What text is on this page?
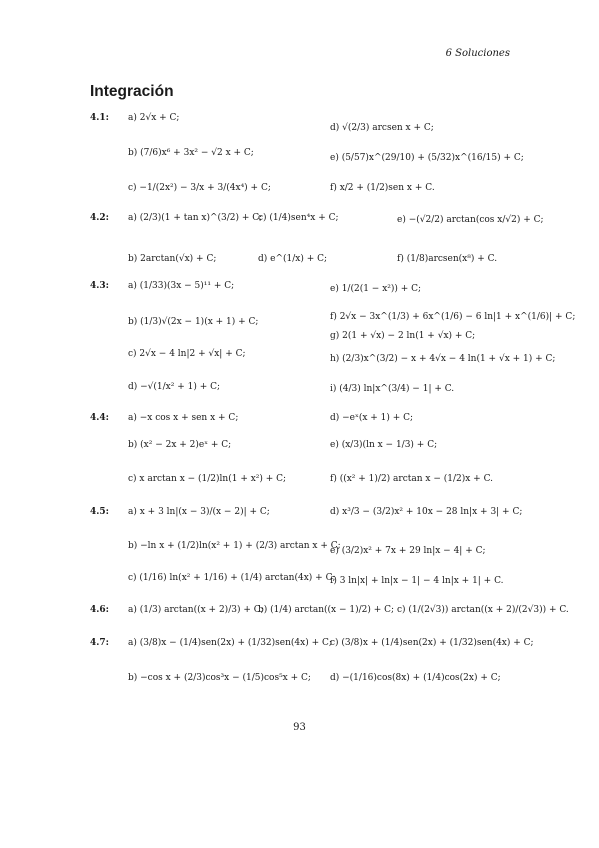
6 Soluciones
Integración
4.1: a) 2√x + C;
d) √(2/3) arcsen x + C;
b) (7/6)x⁶ + 3x² − √2 x + C;	e) (5/57)x^(29/10) + (5/32)x^(16/15) + C;
c) −1/(2x²) − 3/x + 3/(4x⁴) + C;	f) x/2 + (1/2)sen x + C.
4.2: a) (2/3)(1 + tan x)^(3/2) + C;
c) (1/4)sen⁴x + C;	e) −(√2/2) arctan(cos x/√2) + C;
b) 2arctan(√x) + C;	d) e^(1/x) + C;	f) (1/8)arcsen(x⁸) + C.
4.3: a) (1/33)(3x − 5)¹¹ + C;	e) 1/(2(1 − x²)) + C;
f) 2√x − 3x^(1/3) + 6x^(1/6) − 6 ln|1 + x^(1/6)| + C;
b) (1/3)√(2x − 1)(x + 1) + C;
g) 2(1 + √x) − 2 ln(1 + √x) + C;
c) 2√x − 4 ln|2 + √x| + C;	h) (2/3)x^(3/2) − x + 4√x − 4 ln(1 + √x + 1) + C;
d) −√(1/x² + 1) + C;	i) (4/3) ln|x^(3/4) − 1| + C.
4.4: a) −x cos x + sen x + C;	d) −eˣ(x + 1) + C;
b) (x² − 2x + 2)eˣ + C;	e) (x/3)(ln x − 1/3) + C;
c) x arctan x − (1/2)ln(1 + x²) + C;	f) ((x² + 1)/2) arctan x − (1/2)x + C.
4.5: a) x + 3 ln|(x − 3)/(x − 2)| + C;	d) x³/3 − (3/2)x² + 10x − 28 ln|x + 3| + C;
b) −ln x + (1/2)ln(x² + 1) + (2/3) arctan x + C;
e) (3/2)x² + 7x + 29 ln|x − 4| + C;
c) (1/16) ln(x² + 1/16) + (1/4) arctan(4x) + C;
f) 3 ln|x| + ln|x − 1| − 4 ln|x + 1| + C.
4.6: a) (1/3) arctan((x + 2)/3) + C;
b) (1/4) arctan((x − 1)/2) + C; c) (1/(2√3)) arctan((x + 2)/(2√3)) + C.
4.7: a) (3/8)x − (1/4)sen(2x) + (1/32)sen(4x) + C;
c) (3/8)x + (1/4)sen(2x) + (1/32)sen(4x) + C;
b) −cos x + (2/3)cos³x − (1/5)cos⁵x + C; d) −(1/16)cos(8x) + (1/4)cos(2x) + C;
93
